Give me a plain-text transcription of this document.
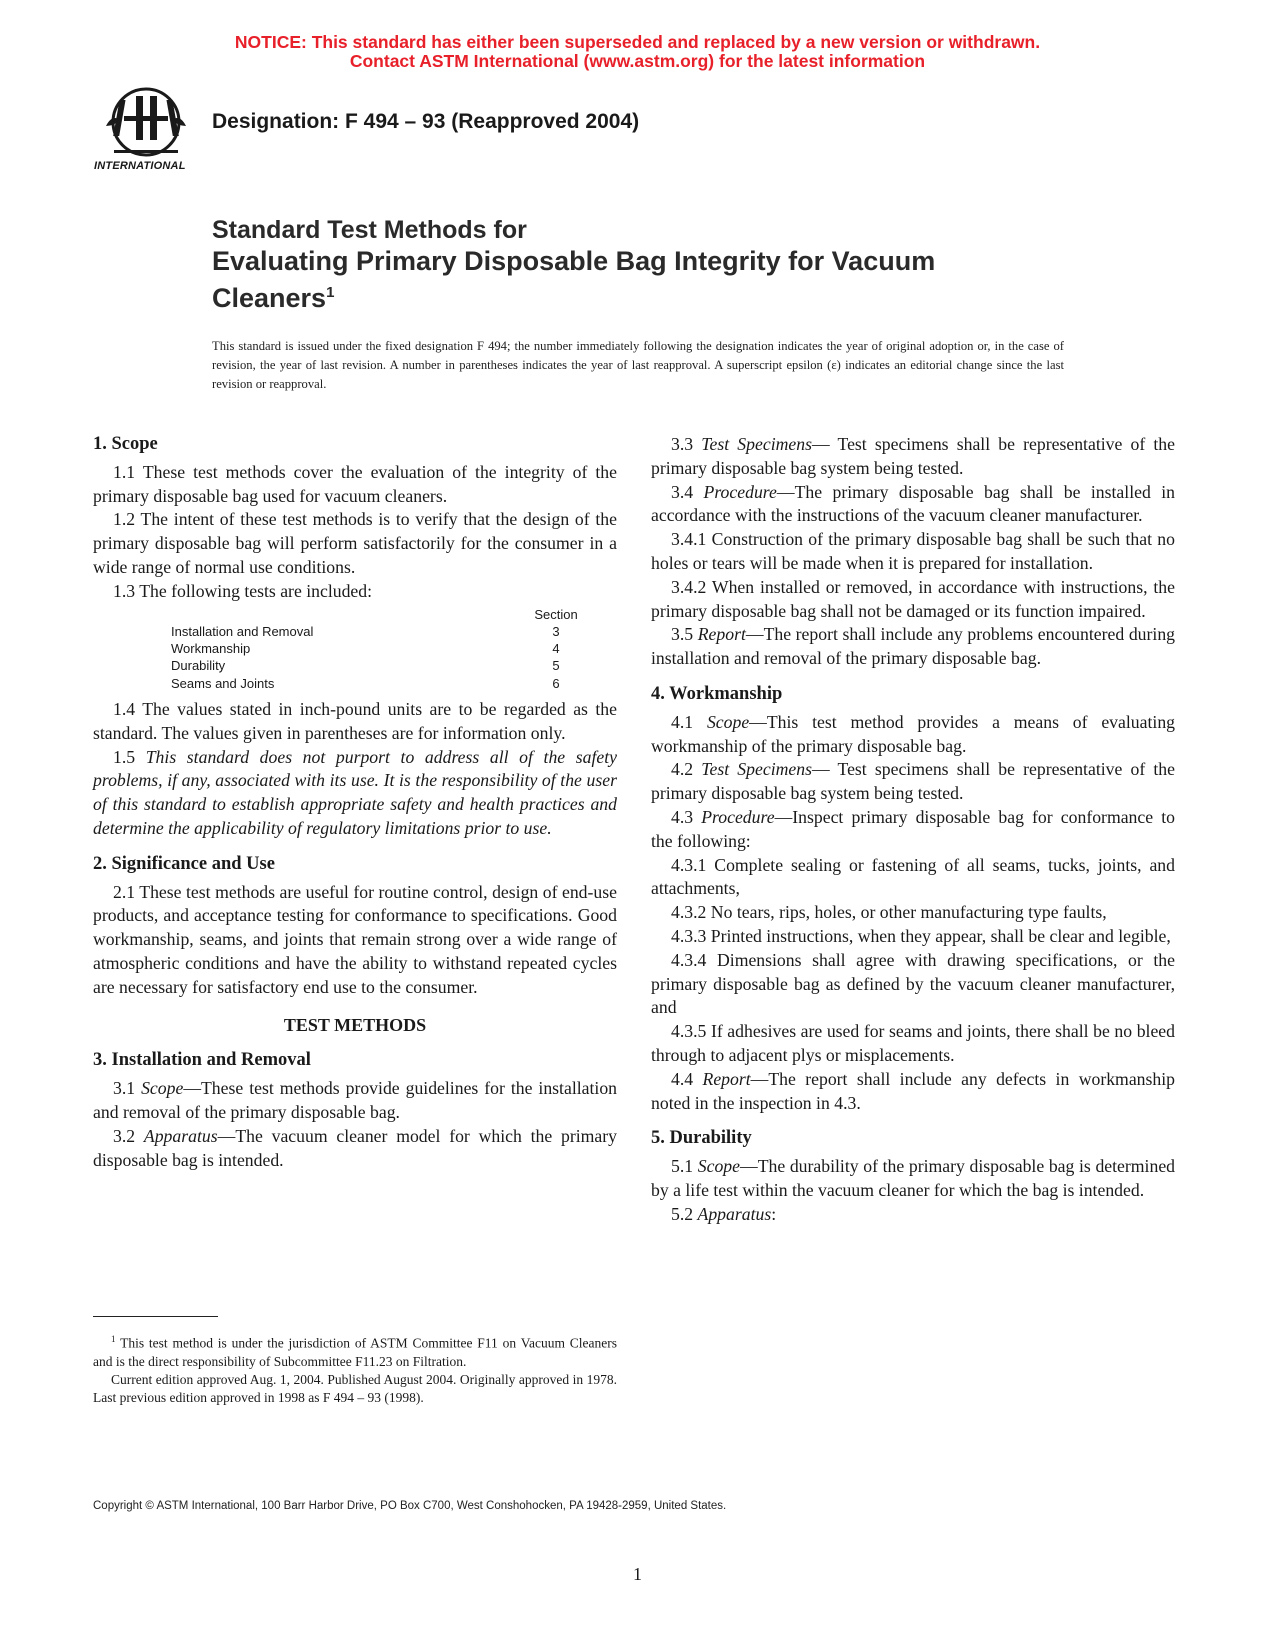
NOTICE: This standard has either been superseded and replaced by a new version or withdrawn.
Contact ASTM International (www.astm.org) for the latest information
INTERNATIONAL
Designation: F 494 – 93 (Reapproved 2004)
Standard Test Methods for
Evaluating Primary Disposable Bag Integrity for Vacuum
Cleaners$^1$
This standard is issued under the fixed designation F 494; the number immediately following the designation indicates the year of original adoption or, in the case of revision, the year of last revision. A number in parentheses indicates the year of last reapproval. A superscript epsilon (ε) indicates an editorial change since the last revision or reapproval.
1. Scope

1.1 These test methods cover the evaluation of the integrity of the primary disposable bag used for vacuum cleaners.

1.2 The intent of these test methods is to verify that the design of the primary disposable bag will perform satisfactorily for the consumer in a wide range of normal use conditions.

1.3 The following tests are included:

Section
Installation and Removal	3
Workmanship	4
Durability	5
Seams and Joints	6

1.4 The values stated in inch-pound units are to be regarded as the standard. The values given in parentheses are for information only.

1.5 This standard does not purport to address all of the safety problems, if any, associated with its use. It is the responsibility of the user of this standard to establish appropriate safety and health practices and determine the applicability of regulatory limitations prior to use.

2. Significance and Use

2.1 These test methods are useful for routine control, design of end-use products, and acceptance testing for conformance to specifications. Good workmanship, seams, and joints that remain strong over a wide range of atmospheric conditions and have the ability to withstand repeated cycles are necessary for satisfactory end use to the consumer.

TEST METHODS
3. Installation and Removal

3.1 Scope—These test methods provide guidelines for the installation and removal of the primary disposable bag.

3.2 Apparatus—The vacuum cleaner model for which the primary disposable bag is intended.

3.3 Test Specimens— Test specimens shall be representative of the primary disposable bag system being tested.

3.4 Procedure—The primary disposable bag shall be installed in accordance with the instructions of the vacuum cleaner manufacturer.

3.4.1 Construction of the primary disposable bag shall be such that no holes or tears will be made when it is prepared for installation.

3.4.2 When installed or removed, in accordance with instructions, the primary disposable bag shall not be damaged or its function impaired.

3.5 Report—The report shall include any problems encountered during installation and removal of the primary disposable bag.

4. Workmanship

4.1 Scope—This test method provides a means of evaluating workmanship of the primary disposable bag.

4.2 Test Specimens— Test specimens shall be representative of the primary disposable bag system being tested.

4.3 Procedure—Inspect primary disposable bag for conformance to the following:

4.3.1 Complete sealing or fastening of all seams, tucks, joints, and attachments,

4.3.2 No tears, rips, holes, or other manufacturing type faults,

4.3.3 Printed instructions, when they appear, shall be clear and legible,

4.3.4 Dimensions shall agree with drawing specifications, or the primary disposable bag as defined by the vacuum cleaner manufacturer, and

4.3.5 If adhesives are used for seams and joints, there shall be no bleed through to adjacent plys or misplacements.

4.4 Report—The report shall include any defects in workmanship noted in the inspection in 4.3.

5. Durability

5.1 Scope—The durability of the primary disposable bag is determined by a life test within the vacuum cleaner for which the bag is intended.

5.2 Apparatus:

$^1$ This test method is under the jurisdiction of ASTM Committee F11 on Vacuum Cleaners and is the direct responsibility of Subcommittee F11.23 on Filtration.

Current edition approved Aug. 1, 2004. Published August 2004. Originally approved in 1978. Last previous edition approved in 1998 as F 494 – 93 (1998).

Copyright © ASTM International, 100 Barr Harbor Drive, PO Box C700, West Conshohocken, PA 19428-2959, United States.
1
